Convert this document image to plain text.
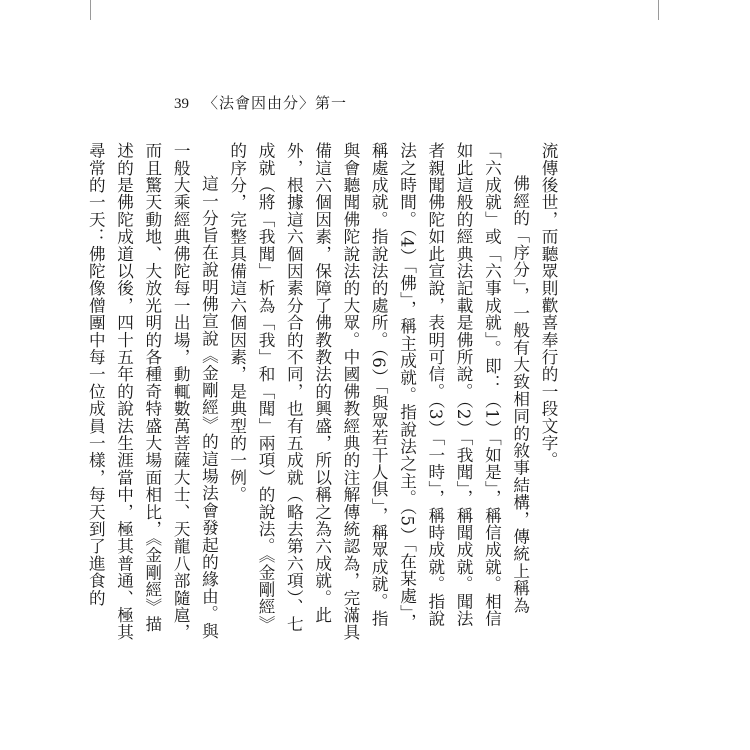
39 〈法會因由分〉第一

流傳後世，而聽眾則歡喜奉行的一段文字。

佛經的「序分」，一般有大致相同的敘事結構，傳統上稱為「六成就」或「六事成就」。即：（1）「如是」，稱信成就。相信如此這般的經典法記載是佛所說。（2）「我聞」，稱聞成就。聞法者親聞佛陀如此宣說，表明可信。（3）「一時」，稱時成就。指說法之時間。（4）「佛」，稱主成就。指說法之主。（5）「在某處」，稱處成就。指說法的處所。（6）「與眾若干人俱」，稱眾成就。指與會聽聞佛陀說法的大眾。中國佛教經典的注解傳統認為，完滿具備這六個因素，保障了佛教教法的興盛，所以稱之為六成就。此外，根據這六個因素分合的不同，也有五成就（略去第六項）、七成就（將「我聞」析為「我」和「聞」兩項）的說法。《金剛經》的序分，完整具備這六個因素，是典型的一例。

這一分旨在說明佛宣說《金剛經》的這場法會發起的緣由。與一般大乘經典佛陀每一出場，動輒數萬菩薩大士、天龍八部隨扈，而且驚天動地、大放光明的各種奇特盛大場面相比，《金剛經》描述的是佛陀成道以後，四十五年的說法生涯當中，極其普通、極其尋常的一天：佛陀像僧團中每一位成員一樣，每天到了進食的
